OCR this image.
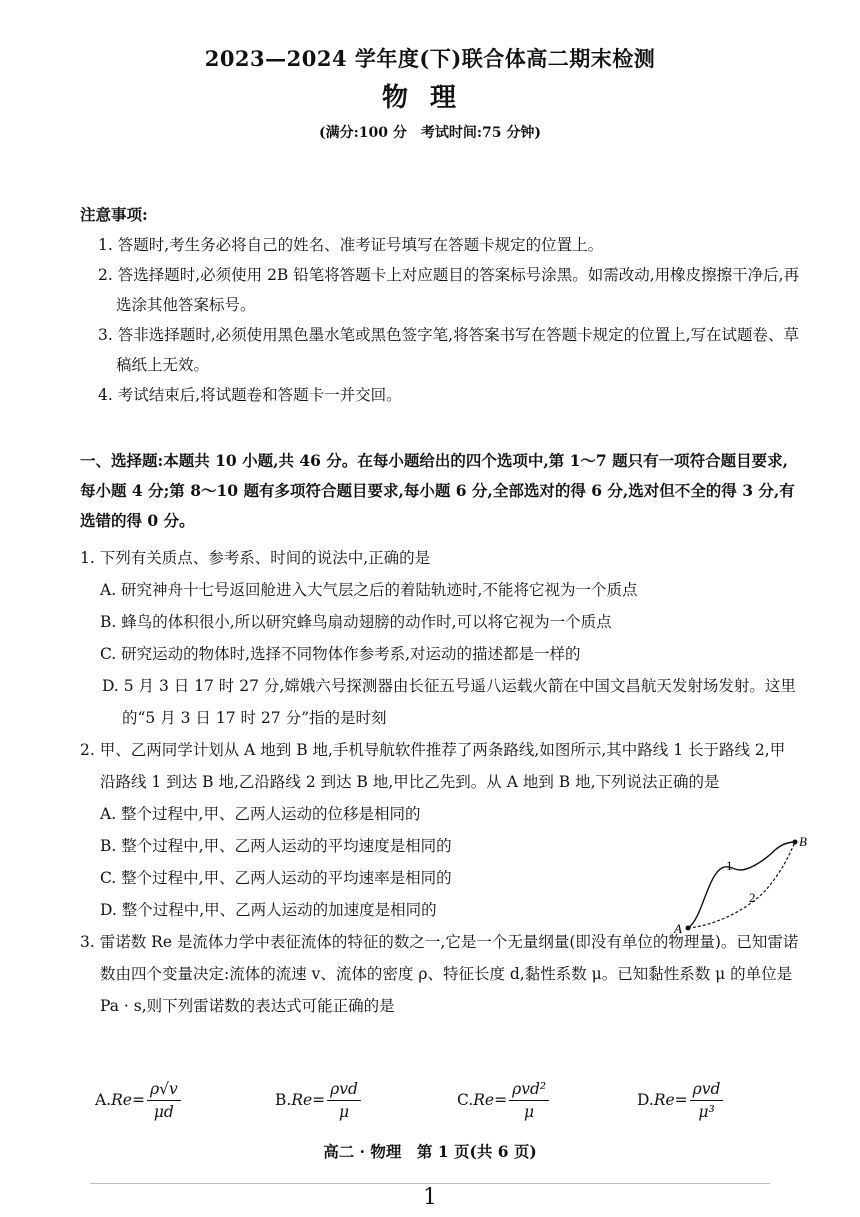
2023—2024 学年度(下)联合体高二期末检测
物理
(满分:100 分　考试时间:75 分钟)
注意事项:
1. 答题时,考生务必将自己的姓名、准考证号填写在答题卡规定的位置上。
2. 答选择题时,必须使用 2B 铅笔将答题卡上对应题目的答案标号涂黑。如需改动,用橡皮擦擦干净后,再选涂其他答案标号。
3. 答非选择题时,必须使用黑色墨水笔或黑色签字笔,将答案书写在答题卡规定的位置上,写在试题卷、草稿纸上无效。
4. 考试结束后,将试题卷和答题卡一并交回。
一、选择题:本题共 10 小题,共 46 分。在每小题给出的四个选项中,第 1～7 题只有一项符合题目要求,每小题 4 分;第 8～10 题有多项符合题目要求,每小题 6 分,全部选对的得 6 分,选对但不全的得 3 分,有选错的得 0 分。
1. 下列有关质点、参考系、时间的说法中,正确的是
A. 研究神舟十七号返回舱进入大气层之后的着陆轨迹时,不能将它视为一个质点
B. 蜂鸟的体积很小,所以研究蜂鸟扇动翅膀的动作时,可以将它视为一个质点
C. 研究运动的物体时,选择不同物体作参考系,对运动的描述都是一样的
D. 5 月 3 日 17 时 27 分,嫦娥六号探测器由长征五号遥八运载火箭在中国文昌航天发射场发射。这里的“5 月 3 日 17 时 27 分”指的是时刻
2. 甲、乙两同学计划从 A 地到 B 地,手机导航软件推荐了两条路线,如图所示,其中路线 1 长于路线 2,甲沿路线 1 到达 B 地,乙沿路线 2 到达 B 地,甲比乙先到。从 A 地到 B 地,下列说法正确的是
A. 整个过程中,甲、乙两人运动的位移是相同的
B. 整个过程中,甲、乙两人运动的平均速度是相同的
C. 整个过程中,甲、乙两人运动的平均速率是相同的
D. 整个过程中,甲、乙两人运动的加速度是相同的
3. 雷诺数 Re 是流体力学中表征流体的特征的数之一,它是一个无量纲量(即没有单位的物理量)。已知雷诺数由四个变量决定:流体的流速 v、流体的密度 ρ、特征长度 d,黏性系数 μ。已知黏性系数 μ 的单位是 Pa · s,则下列雷诺数的表达式可能正确的是
A
B
1
2
A. $Re= \frac{\rho√v}{\mu d}$	B. $Re= \frac{\text{ρvd}}{\mu}$	C. $Re= \frac{\text{ρvd²}}{\mu}$	D. $Re= \frac{\text{ρvd}}{\text{μ³}}$
高二 · 物理　第 1 页(共 6 页)
1
